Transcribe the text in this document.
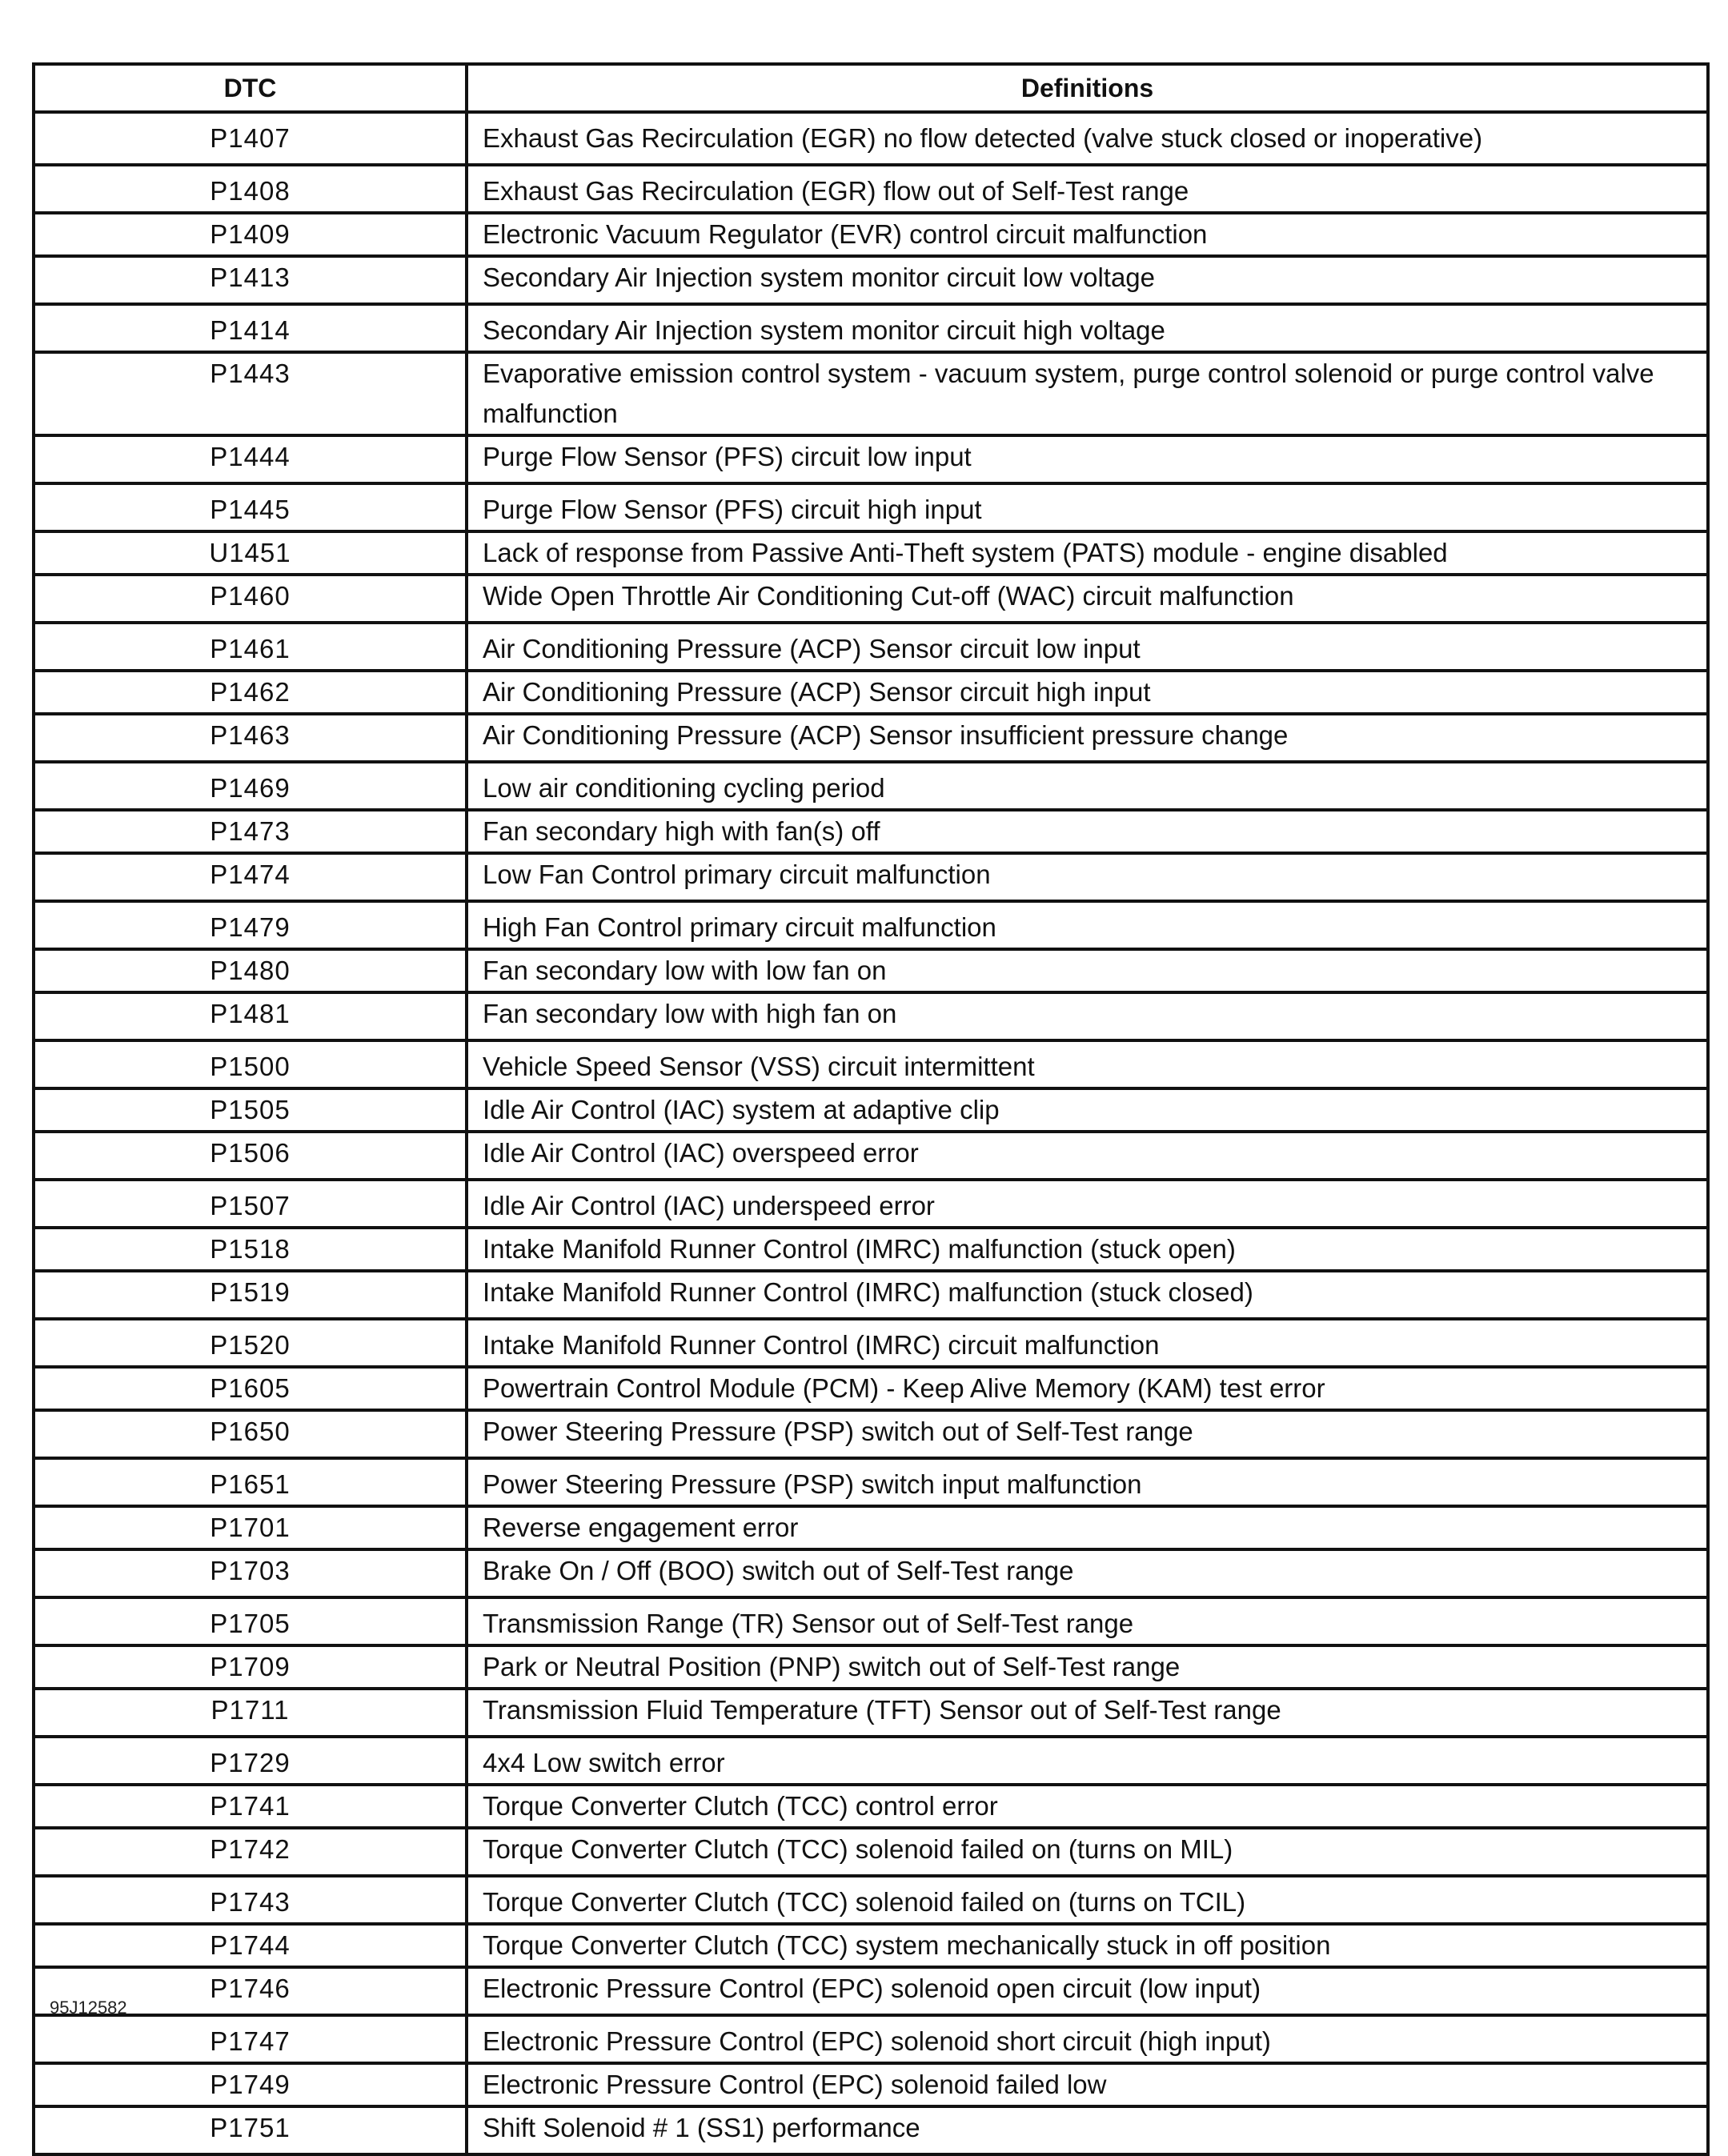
DTC	Definitions
P1407	Exhaust Gas Recirculation (EGR) no flow detected (valve stuck closed or inoperative)
P1408	Exhaust Gas Recirculation (EGR) flow out of Self-Test range
P1409	Electronic Vacuum Regulator (EVR) control circuit malfunction
P1413	Secondary Air Injection system monitor circuit low voltage
P1414	Secondary Air Injection system monitor circuit high voltage
P1443	Evaporative emission control system - vacuum system, purge control solenoid or purge control valve malfunction
P1444	Purge Flow Sensor (PFS) circuit low input
P1445	Purge Flow Sensor (PFS) circuit high input
U1451	Lack of response from Passive Anti-Theft system (PATS) module - engine disabled
P1460	Wide Open Throttle Air Conditioning Cut-off (WAC) circuit malfunction
P1461	Air Conditioning Pressure (ACP) Sensor circuit low input
P1462	Air Conditioning Pressure (ACP) Sensor circuit high input
P1463	Air Conditioning Pressure (ACP) Sensor insufficient pressure change
P1469	Low air conditioning cycling period
P1473	Fan secondary high with fan(s) off
P1474	Low Fan Control primary circuit malfunction
P1479	High Fan Control primary circuit malfunction
P1480	Fan secondary low with low fan on
P1481	Fan secondary low with high fan on
P1500	Vehicle Speed Sensor (VSS) circuit intermittent
P1505	Idle Air Control (IAC) system at adaptive clip
P1506	Idle Air Control (IAC) overspeed error
P1507	Idle Air Control (IAC) underspeed error
P1518	Intake Manifold Runner Control (IMRC) malfunction (stuck open)
P1519	Intake Manifold Runner Control (IMRC) malfunction (stuck closed)
P1520	Intake Manifold Runner Control (IMRC) circuit malfunction
P1605	Powertrain Control Module (PCM) - Keep Alive Memory (KAM) test error
P1650	Power Steering Pressure (PSP) switch out of Self-Test range
P1651	Power Steering Pressure (PSP) switch input malfunction
P1701	Reverse engagement error
P1703	Brake On / Off (BOO) switch out of Self-Test range
P1705	Transmission Range (TR) Sensor out of Self-Test range
P1709	Park or Neutral Position (PNP) switch out of Self-Test range
P1711	Transmission Fluid Temperature (TFT) Sensor out of Self-Test range
P1729	4x4 Low switch error
P1741	Torque Converter Clutch (TCC) control error
P1742	Torque Converter Clutch (TCC) solenoid failed on (turns on MIL)
P1743	Torque Converter Clutch (TCC) solenoid failed on (turns on TCIL)
P1744	Torque Converter Clutch (TCC) system mechanically stuck in off position
P1746	Electronic Pressure Control (EPC) solenoid open circuit (low input)
P1747	Electronic Pressure Control (EPC) solenoid short circuit (high input)
P1749	Electronic Pressure Control (EPC) solenoid failed low
P1751	Shift Solenoid # 1 (SS1) performance
95J12582
